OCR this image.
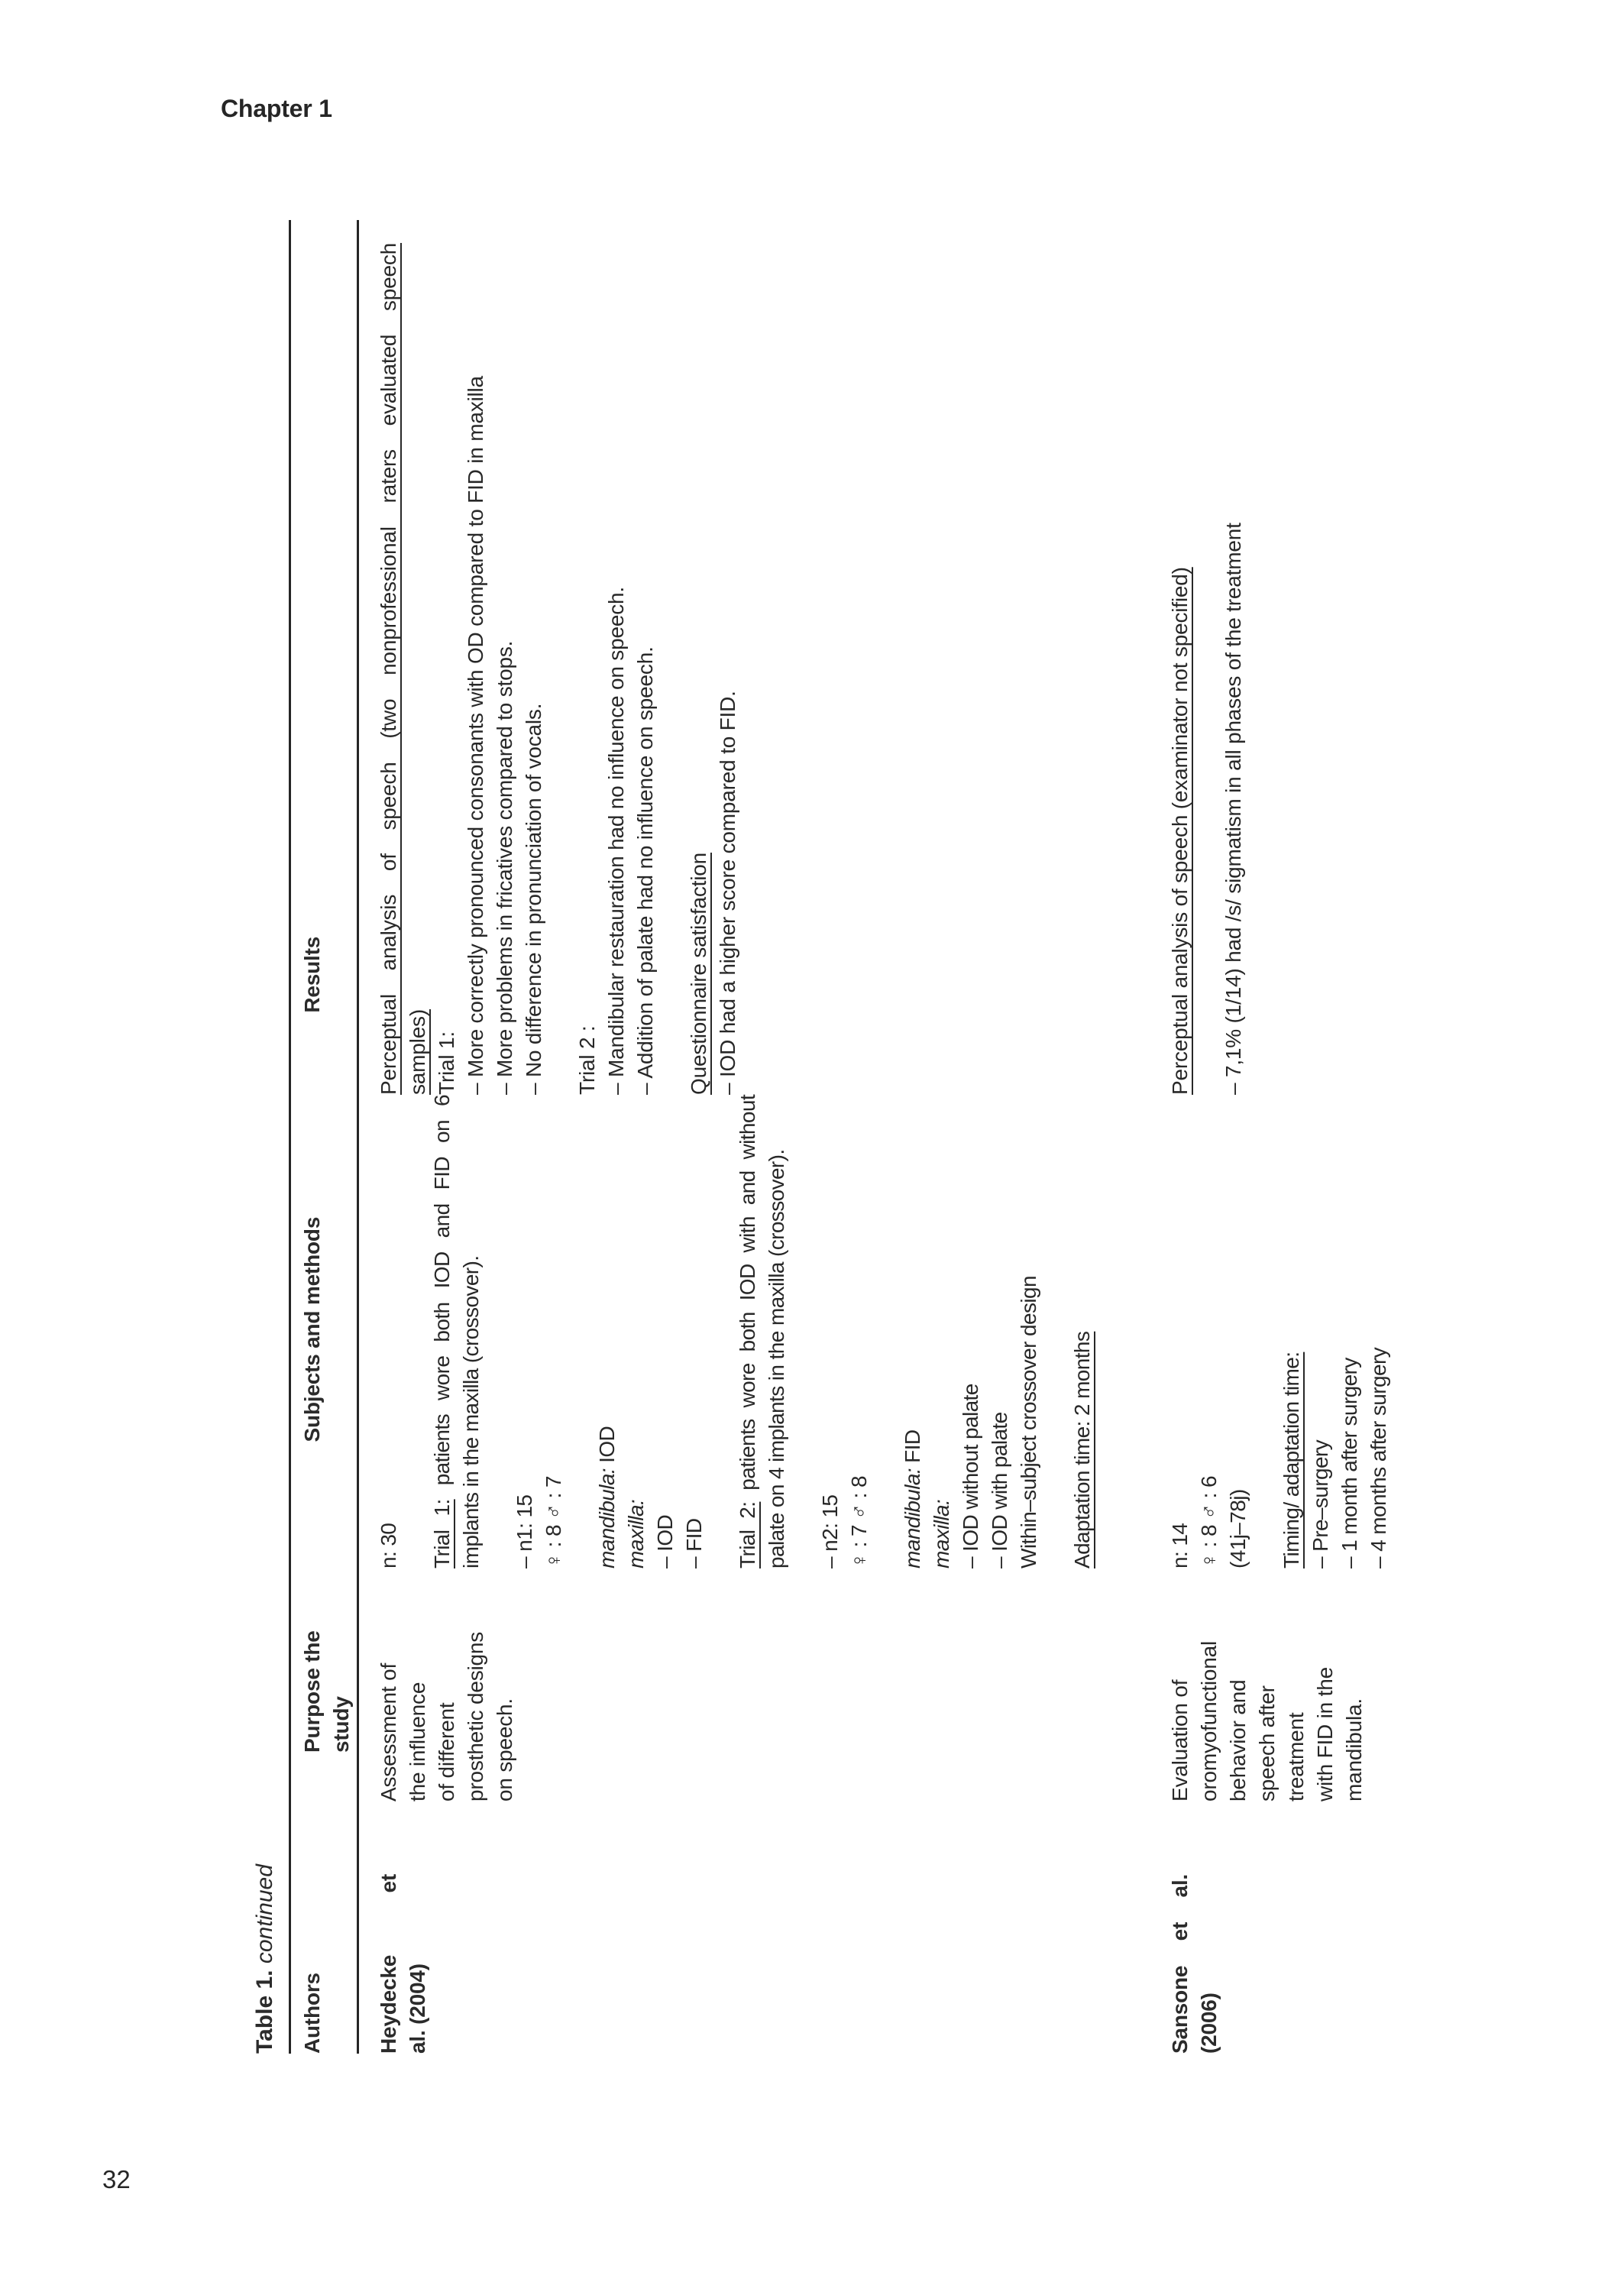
Chapter 1
32
Table 1. continued
Authors
Purpose the study
Subjects and methods
Results
Heydecke et al. (2004)
Assessment of the influence of different prosthetic designs on speech.
n: 30 Trial 1: patients wore both IOD and FID on 6 implants in the maxilla (crossover). – n1: 15 ♀ : 8 ♂ : 7 mandibula: IOD
maxilla: – IOD – FID Trial 2: patients wore both IOD with and without palate on 4 implants in the maxilla (crossover). – n2: 15 ♀ : 7 ♂ : 8 mandibula: FID
maxilla: – IOD without palate – IOD with palate Within–subject crossover design Adaptation time: 2 months
Perceptual analysis of speech (two nonprofessional raters evaluated speech samples) Trial 1: – More correctly pronounced consonants with OD compared to FID in maxilla – More problems in fricatives compared to stops. – No difference in pronunciation of vocals. Trial 2 : – Mandibular restauration had no influence on speech. – Addition of palate had no influence on speech. Questionnaire satisfaction – IOD had a higher score compared to FID.
Sansone et al. (2006)
Evaluation of oromyofunctional behavior and speech after treatment with FID in the mandibula.
n: 14 ♀ : 8 ♂ : 6 (41j–78j) Timing/ adaptation time: – Pre–surgery – 1 month after surgery – 4 months after surgery
Perceptual analysis of speech (examinator not specified) – 7,1% (1/14) had /s/ sigmatism in all phases of the treatment
